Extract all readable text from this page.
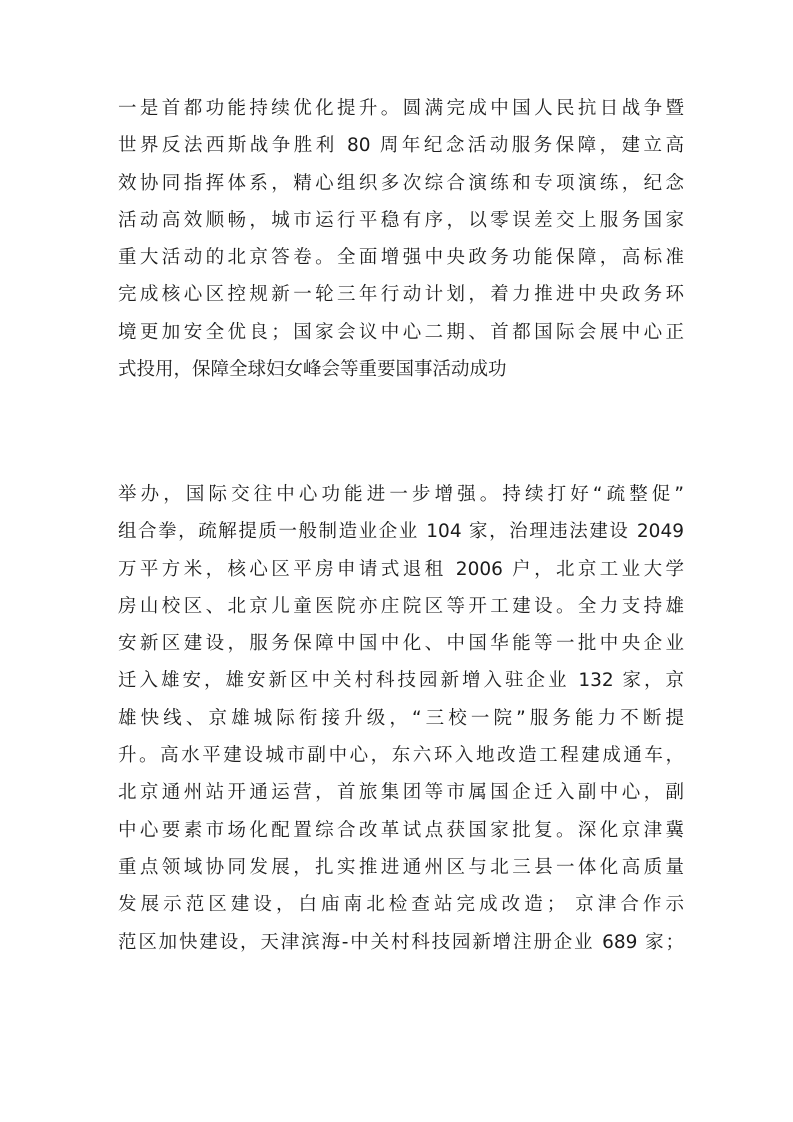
一是首都功能持续优化提升。圆满完成中国人民抗日战争暨
世界反法西斯战争胜利 80 周年纪念活动服务保障，建立高
效协同指挥体系，精心组织多次综合演练和专项演练，纪念
活动高效顺畅，城市运行平稳有序，以零误差交上服务国家
重大活动的北京答卷。全面增强中央政务功能保障，高标准
完成核心区控规新一轮三年行动计划，着力推进中央政务环
境更加安全优良；国家会议中心二期、首都国际会展中心正
式投用，保障全球妇女峰会等重要国事活动成功
举办，国际交往中心功能进一步增强。持续打好“疏整促”
组合拳，疏解提质一般制造业企业 104 家，治理违法建设 2049
万平方米，核心区平房申请式退租 2006 户，北京工业大学
房山校区、北京儿童医院亦庄院区等开工建设。全力支持雄
安新区建设，服务保障中国中化、中国华能等一批中央企业
迁入雄安，雄安新区中关村科技园新增入驻企业 132 家，京
雄快线、京雄城际衔接升级，“三校一院”服务能力不断提
升。高水平建设城市副中心，东六环入地改造工程建成通车，
北京通州站开通运营，首旅集团等市属国企迁入副中心，副
中心要素市场化配置综合改革试点获国家批复。深化京津冀
重点领域协同发展，扎实推进通州区与北三县一体化高质量
发展示范区建设，白庙南北检查站完成改造； 京津合作示
范区加快建设，天津滨海-中关村科技园新增注册企业 689 家；
